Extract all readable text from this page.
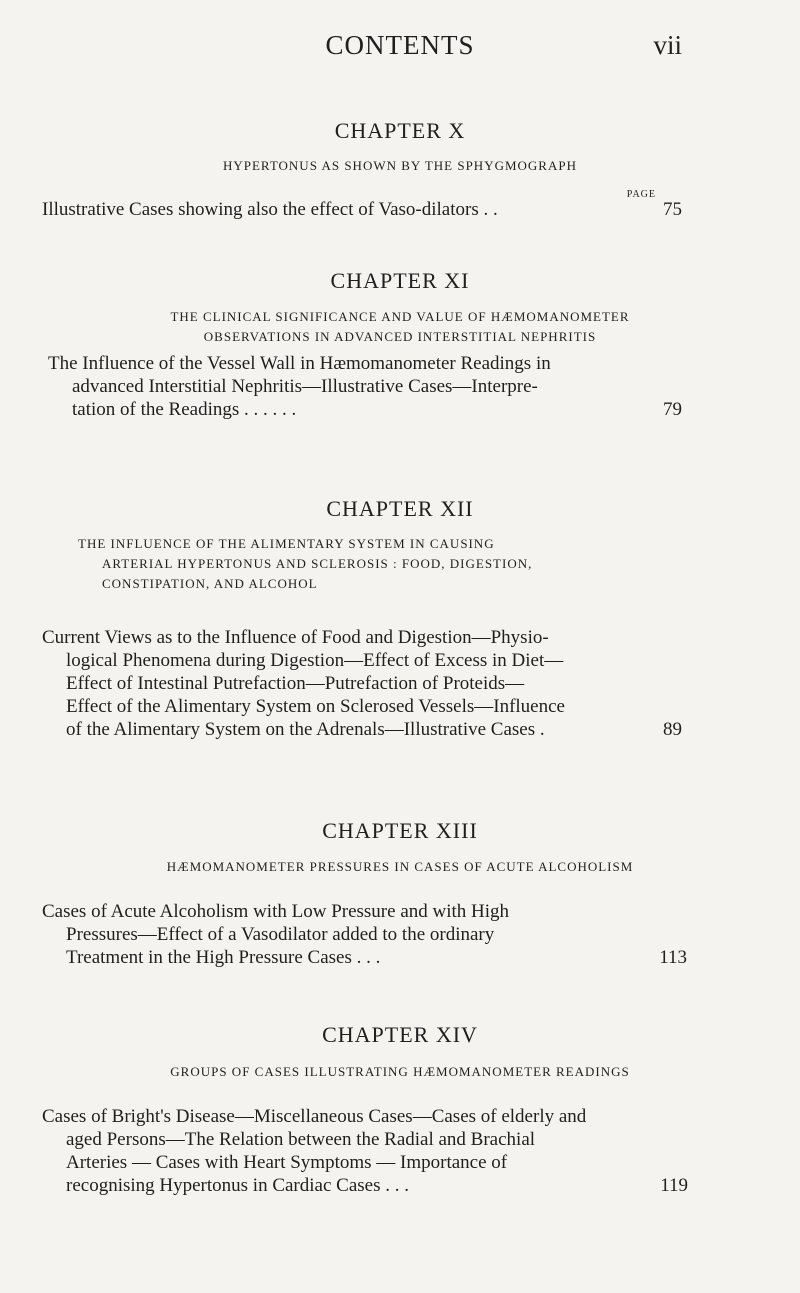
CONTENTS	vii
CHAPTER X
HYPERTONUS AS SHOWN BY THE SPHYGMOGRAPH
PAGE
Illustrative Cases showing also the effect of Vaso-dilators . .	75
CHAPTER XI
THE CLINICAL SIGNIFICANCE AND VALUE OF HÆMOMANOMETER
OBSERVATIONS IN ADVANCED INTERSTITIAL NEPHRITIS
The Influence of the Vessel Wall in Hæmomanometer Readings in
advanced Interstitial Nephritis—Illustrative Cases—Interpre-
tation of the Readings . . . . . .	79
CHAPTER XII
THE INFLUENCE OF THE ALIMENTARY SYSTEM IN CAUSING
ARTERIAL HYPERTONUS AND SCLEROSIS : FOOD, DIGESTION,
CONSTIPATION, AND ALCOHOL
Current Views as to the Influence of Food and Digestion—Physio-
logical Phenomena during Digestion—Effect of Excess in Diet—
Effect of Intestinal Putrefaction—Putrefaction of Proteids—
Effect of the Alimentary System on Sclerosed Vessels—Influence
of the Alimentary System on the Adrenals—Illustrative Cases .	89
CHAPTER XIII
HÆMOMANOMETER PRESSURES IN CASES OF ACUTE ALCOHOLISM
Cases of Acute Alcoholism with Low Pressure and with High
Pressures—Effect of a Vasodilator added to the ordinary
Treatment in the High Pressure Cases . . .	113
CHAPTER XIV
GROUPS OF CASES ILLUSTRATING HÆMOMANOMETER READINGS
Cases of Bright's Disease—Miscellaneous Cases—Cases of elderly and
aged Persons—The Relation between the Radial and Brachial
Arteries — Cases with Heart Symptoms — Importance of
recognising Hypertonus in Cardiac Cases . . .	119
